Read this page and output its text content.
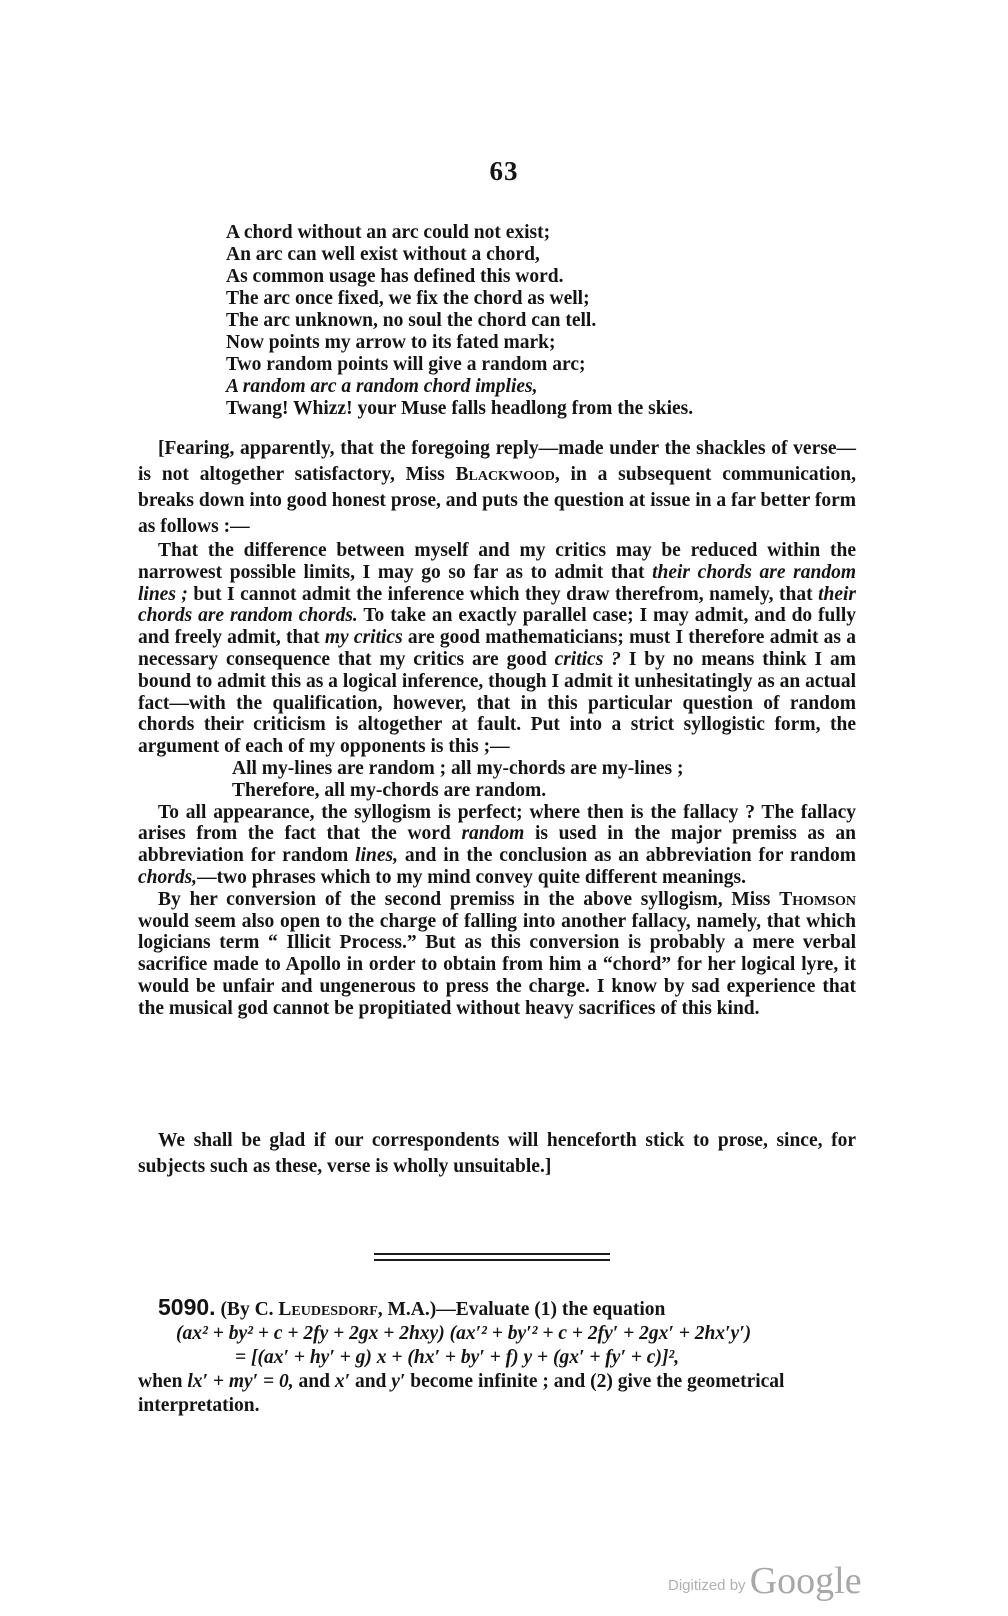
63
A chord without an arc could not exist;
An arc can well exist without a chord,
As common usage has defined this word.
The arc once fixed, we fix the chord as well;
The arc unknown, no soul the chord can tell.
Now points my arrow to its fated mark;
Two random points will give a random arc;
A random arc a random chord implies,
Twang! Whizz! your Muse falls headlong from the skies.

[Fearing, apparently, that the foregoing reply—made under the shackles of verse—is not altogether satisfactory, Miss Blackwood, in a subsequent communication, breaks down into good honest prose, and puts the question at issue in a far better form as follows :—

That the difference between myself and my critics may be reduced within the narrowest possible limits, I may go so far as to admit that their chords are random lines ; but I cannot admit the inference which they draw therefrom, namely, that their chords are random chords. To take an exactly parallel case; I may admit, and do fully and freely admit, that my critics are good mathematicians; must I therefore admit as a necessary consequence that my critics are good critics ? I by no means think I am bound to admit this as a logical inference, though I admit it unhesitatingly as an actual fact—with the qualification, however, that in this particular question of random chords their criticism is altogether at fault. Put into a strict syllogistic form, the argument of each of my opponents is this ;—

All my-lines are random ; all my-chords are my-lines ;
Therefore, all my-chords are random.

To all appearance, the syllogism is perfect; where then is the fallacy ? The fallacy arises from the fact that the word random is used in the major premiss as an abbreviation for random lines, and in the conclusion as an abbreviation for random chords,—two phrases which to my mind convey quite different meanings.

By her conversion of the second premiss in the above syllogism, Miss Thomson would seem also open to the charge of falling into another fallacy, namely, that which logicians term “ Illicit Process.” But as this conversion is probably a mere verbal sacrifice made to Apollo in order to obtain from him a “chord” for her logical lyre, it would be unfair and ungenerous to press the charge. I know by sad experience that the musical god cannot be propitiated without heavy sacrifices of this kind.

We shall be glad if our correspondents will henceforth stick to prose, since, for subjects such as these, verse is wholly unsuitable.]

5090. (By C. Leudesdorf, M.A.)—Evaluate (1) the equation
(ax² + by² + c + 2fy + 2gx + 2hxy) (ax′² + by′² + c + 2fy′ + 2gx′ + 2hx′y′)
= [(ax′ + hy′ + g) x + (hx′ + by′ + f) y + (gx′ + fy′ + c)]²,
when lx′ + my′ = 0, and x′ and y′ become infinite ; and (2) give the geometrical interpretation.
Digitized by Google
